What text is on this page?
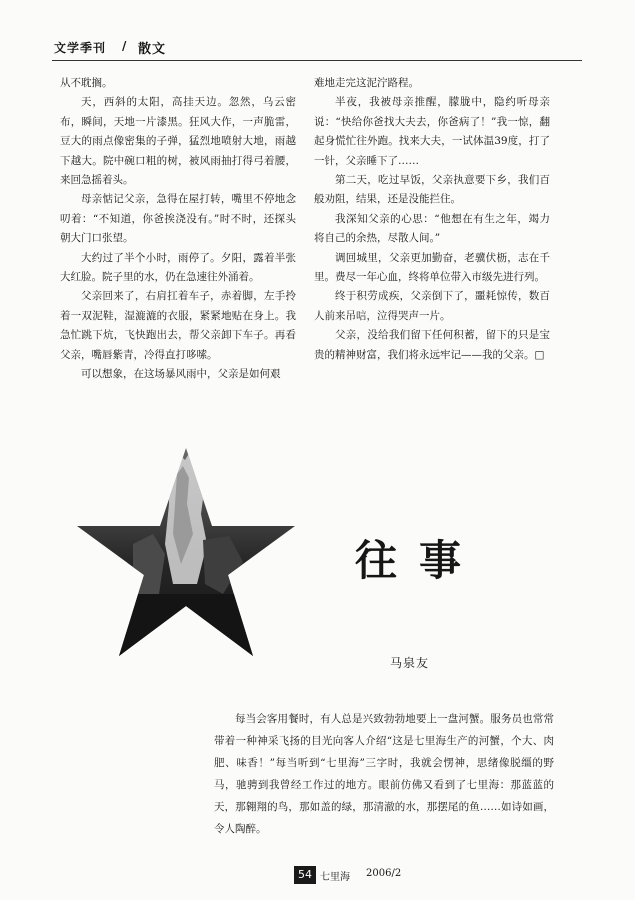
文学季刊 / 散文

从不耽搁。

天，西斜的太阳，高挂天边。忽然，乌云密布，瞬间，天地一片漆黑。狂风大作，一声脆雷，豆大的雨点像密集的子弹，猛烈地喷射大地，雨越下越大。院中碗口粗的树，被风雨抽打得弓着腰，来回急摇着头。

母亲惦记父亲，急得在屋打转，嘴里不停地念叨着：“不知道，你爸挨浇没有。”时不时，还探头朝大门口张望。

大约过了半个小时，雨停了。夕阳，露着半张大红脸。院子里的水，仍在急速往外涌着。

父亲回来了，右肩扛着车子，赤着脚，左手拎着一双泥鞋，湿漉漉的衣服，紧紧地贴在身上。我急忙跳下炕，飞快跑出去，帮父亲卸下车子。再看父亲，嘴唇紫青，冷得直打哆嗦。

可以想象，在这场暴风雨中，父亲是如何艰

难地走完这泥泞路程。

半夜，我被母亲推醒，朦胧中，隐约听母亲说：“快给你爸找大夫去，你爸病了！”我一惊，翻起身慌忙往外跑。找来大夫，一试体温39度，打了一针，父亲睡下了……

第二天，吃过早饭，父亲执意要下乡，我们百般劝阻，结果，还是没能拦住。

我深知父亲的心思：“他想在有生之年，竭力将自己的余热，尽散人间。”

调回城里，父亲更加勤奋，老骥伏枥，志在千里。费尽一年心血，终将单位带入市级先进行列。

终于积劳成疾，父亲倒下了，噩耗惊传，数百人前来吊唁，泣得哭声一片。

父亲，没给我们留下任何积蓄，留下的只是宝贵的精神财富，我们将永远牢记——我的父亲。□

往事
马泉友

每当会客用餐时，有人总是兴致勃勃地要上一盘河蟹。服务员也常常带着一种神采飞扬的目光向客人介绍“这是七里海生产的河蟹，个大、肉肥、味香！”每当听到“七里海”三字时，我就会愣神，思绪像脱缰的野马，驰骋到我曾经工作过的地方。眼前仿佛又看到了七里海：那蓝蓝的天，那翱翔的鸟，那如盖的绿，那清澈的水，那摆尾的鱼……如诗如画，令人陶醉。

54 七里海 2006/2
